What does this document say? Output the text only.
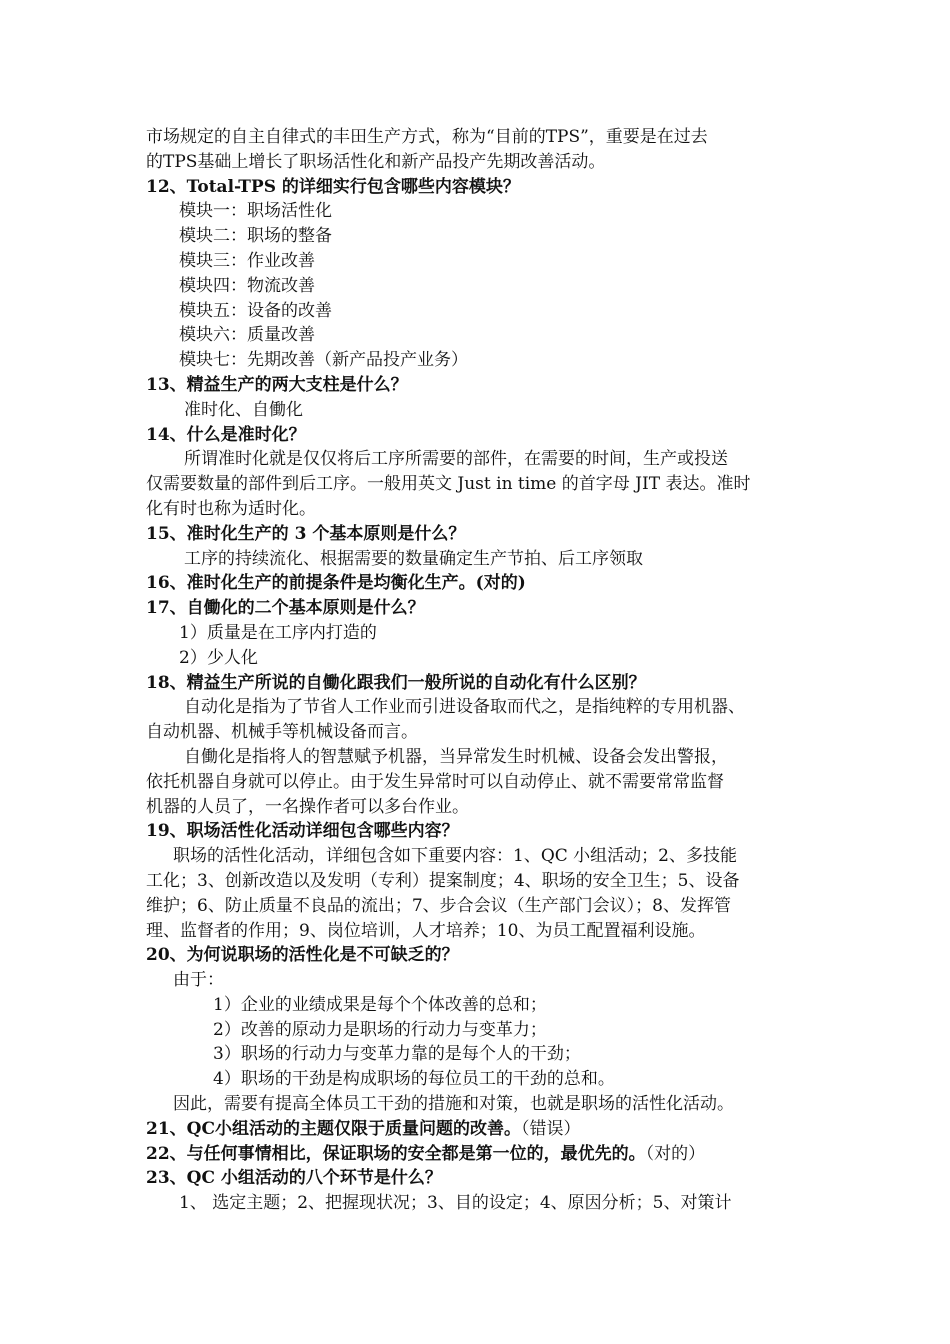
市场规定的自主自律式的丰田生产方式，称为“目前的TPS”，重要是在过去

的TPS基础上增长了职场活性化和新产品投产先期改善活动。

12、Total-TPS 的详细实行包含哪些内容模块？

模块一：职场活性化

模块二：职场的整备

模块三：作业改善

模块四：物流改善

模块五：设备的改善

模块六：质量改善

模块七：先期改善（新产品投产业务）

13、精益生产的两大支柱是什么？

准时化、自働化

14、什么是准时化？

所谓准时化就是仅仅将后工序所需要的部件，在需要的时间，生产或投送

仅需要数量的部件到后工序。一般用英文 Just in time 的首字母 JIT 表达。准时

化有时也称为适时化。

15、准时化生产的 3 个基本原则是什么？

工序的持续流化、根据需要的数量确定生产节拍、后工序领取

16、准时化生产的前提条件是均衡化生产。(对的)

17、自働化的二个基本原则是什么？

1）质量是在工序内打造的

2）少人化

18、精益生产所说的自働化跟我们一般所说的自动化有什么区别？

自动化是指为了节省人工作业而引进设备取而代之，是指纯粹的专用机器、

自动机器、机械手等机械设备而言。

自働化是指将人的智慧赋予机器，当异常发生时机械、设备会发出警报，

依托机器自身就可以停止。由于发生异常时可以自动停止、就不需要常常监督

机器的人员了，一名操作者可以多台作业。

19、职场活性化活动详细包含哪些内容？

职场的活性化活动，详细包含如下重要内容：1、QC 小组活动；2、多技能

工化；3、创新改造以及发明（专利）提案制度；4、职场的安全卫生；5、设备

维护；6、防止质量不良品的流出；7、步合会议（生产部门会议）；8、发挥管

理、监督者的作用；9、岗位培训，人才培养；10、为员工配置福利设施。

20、为何说职场的活性化是不可缺乏的？

由于：

1）企业的业绩成果是每个个体改善的总和；

2）改善的原动力是职场的行动力与变革力；

3）职场的行动力与变革力靠的是每个人的干劲；

4）职场的干劲是构成职场的每位员工的干劲的总和。

因此，需要有提高全体员工干劲的措施和对策，也就是职场的活性化活动。

21、QC小组活动的主题仅限于质量问题的改善。（错误）

22、与任何事情相比，保证职场的安全都是第一位的，最优先的。（对的）

23、QC 小组活动的八个环节是什么？

1、 选定主题；2、把握现状况；3、目的设定；4、原因分析；5、对策计
